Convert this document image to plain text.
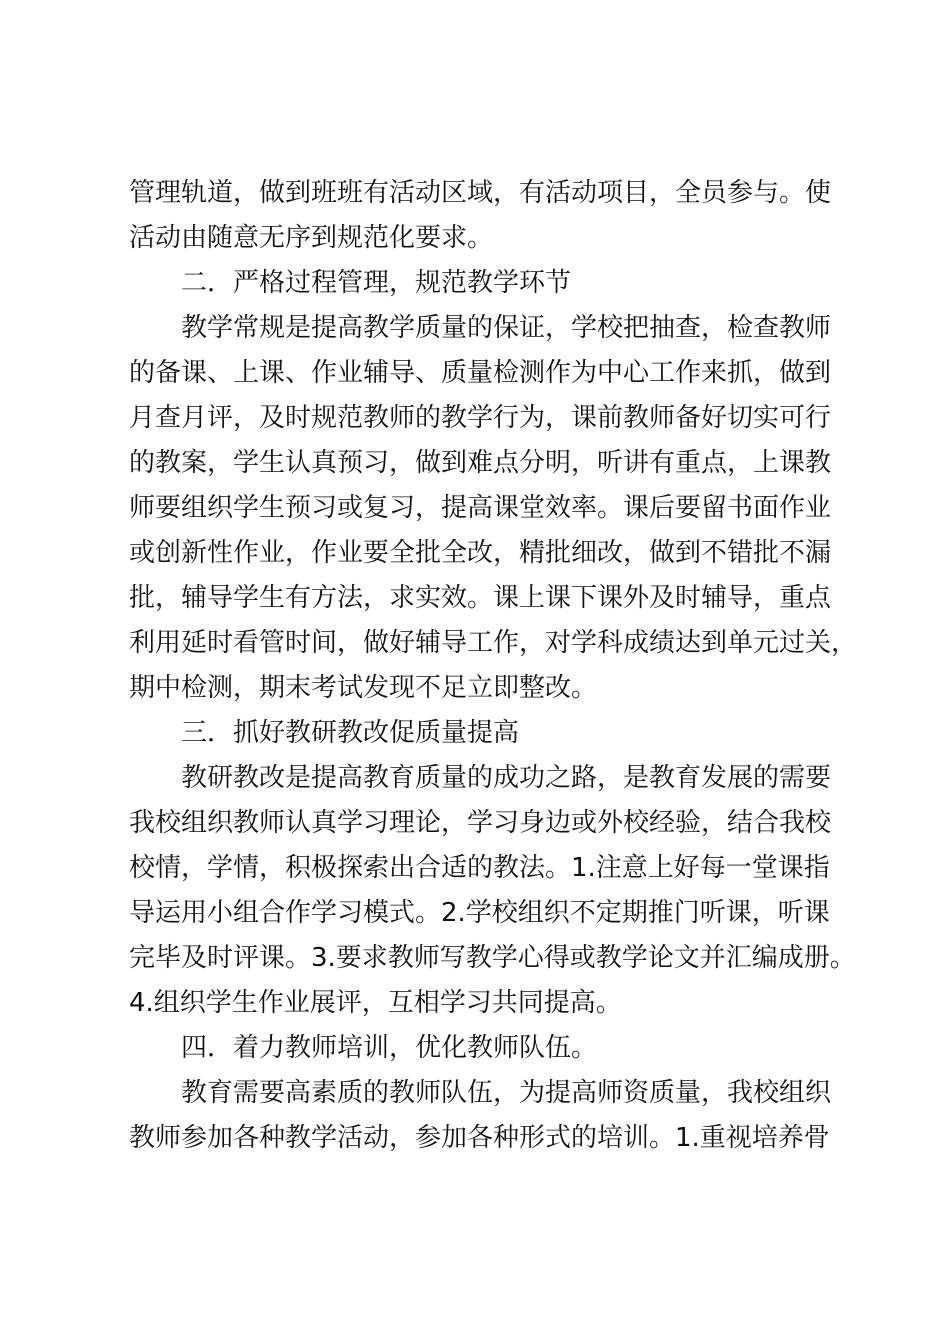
管理轨道，做到班班有活动区域，有活动项目，全员参与。使
活动由随意无序到规范化要求。
二．严格过程管理，规范教学环节
教学常规是提高教学质量的保证，学校把抽查，检查教师
的备课、上课、作业辅导、质量检测作为中心工作来抓，做到
月查月评，及时规范教师的教学行为，课前教师备好切实可行
的教案，学生认真预习，做到难点分明，听讲有重点，上课教
师要组织学生预习或复习，提高课堂效率。课后要留书面作业
或创新性作业，作业要全批全改，精批细改，做到不错批不漏
批，辅导学生有方法，求实效。课上课下课外及时辅导，重点
利用延时看管时间，做好辅导工作，对学科成绩达到单元过关，
期中检测，期末考试发现不足立即整改。
三．抓好教研教改促质量提高
教研教改是提高教育质量的成功之路，是教育发展的需要
我校组织教师认真学习理论，学习身边或外校经验，结合我校
校情，学情，积极探索出合适的教法。1.注意上好每一堂课指
导运用小组合作学习模式。2.学校组织不定期推门听课，听课
完毕及时评课。3.要求教师写教学心得或教学论文并汇编成册。
4.组织学生作业展评，互相学习共同提高。
四．着力教师培训，优化教师队伍。
教育需要高素质的教师队伍，为提高师资质量，我校组织
教师参加各种教学活动，参加各种形式的培训。1.重视培养骨
